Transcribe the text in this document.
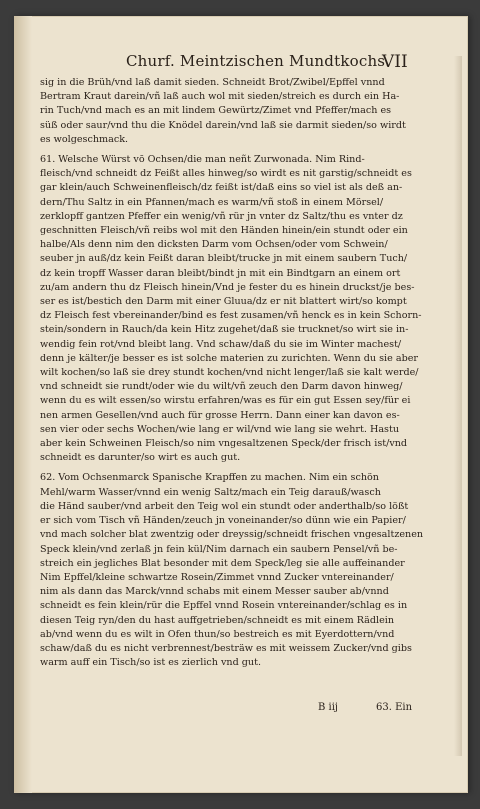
Churf. Meintzischen Mundtkochs.
VII
sig in die Brüh/vnd laß damit sieden. Schneidt Brot/Zwibel/Epffel vnnd
Bertram Kraut darein/vñ laß auch wol mit sieden/streich es durch ein Ha-
rin Tuch/vnd mach es an mit lindem Gewürtz/Zimet vnd Pfeffer/mach es
süß oder saur/vnd thu die Knödel darein/vnd laß sie darmit sieden/so wirdt
es wolgeschmack.
61. Welsche Würst vō Ochsen/die man neñt Zurwonada. Nim Rind-
fleisch/vnd schneidt dz Feißt alles hinweg/so wirdt es nit garstig/schneidt es
gar klein/auch Schweinenfleisch/dz feißt ist/daß eins so viel ist als deß an-
dern/Thu Saltz in ein Pfannen/mach es warm/vñ stoß in einem Mörsel/
zerklopff gantzen Pfeffer ein wenig/vñ rür jn vnter dz Saltz/thu es vnter dz
geschnitten Fleisch/vñ reibs wol mit den Händen hinein/ein stundt oder ein
halbe/Als denn nim den dicksten Darm vom Ochsen/oder vom Schwein/
seuber jn auß/dz kein Feißt daran bleibt/trucke jn mit einem saubern Tuch/
dz kein tropff Wasser daran bleibt/bindt jn mit ein Bindtgarn an einem ort
zu/am andern thu dz Fleisch hinein/Vnd je fester du es hinein druckst/je bes-
ser es ist/bestich den Darm mit einer Gluua/dz er nit blattert wirt/so kompt
dz Fleisch fest vbereinander/bind es fest zusamen/vñ henck es in kein Schorn-
stein/sondern in Rauch/da kein Hitz zugehet/daß sie trucknet/so wirt sie in-
wendig fein rot/vnd bleibt lang. Vnd schaw/daß du sie im Winter machest/
denn je kälter/je besser es ist solche materien zu zurichten. Wenn du sie aber
wilt kochen/so laß sie drey stundt kochen/vnd nicht lenger/laß sie kalt werde/
vnd schneidt sie rundt/oder wie du wilt/vñ zeuch den Darm davon hinweg/
wenn du es wilt essen/so wirstu erfahren/was es für ein gut Essen sey/für ei
nen armen Gesellen/vnd auch für grosse Herrn. Dann einer kan davon es-
sen vier oder sechs Wochen/wie lang er wil/vnd wie lang sie wehrt. Hastu
aber kein Schweinen Fleisch/so nim vngesaltzenen Speck/der frisch ist/vnd
schneidt es darunter/so wirt es auch gut.
62. Vom Ochsenmarck Spanische Krapffen zu machen. Nim ein schön
Mehl/warm Wasser/vnnd ein wenig Saltz/mach ein Teig darauß/wasch
die Händ sauber/vnd arbeit den Teig wol ein stundt oder anderthalb/so lößt
er sich vom Tisch vñ Händen/zeuch jn voneinander/so dünn wie ein Papier/
vnd mach solcher blat zwentzig oder dreyssig/schneidt frischen vngesaltzenen
Speck klein/vnd zerlaß jn fein kül/Nim darnach ein saubern Pensel/vñ be-
streich ein jegliches Blat besonder mit dem Speck/leg sie alle auffeinander
Nim Epffel/kleine schwartze Rosein/Zimmet vnnd Zucker vntereinander/
nim als dann das Marck/vnnd schabs mit einem Messer sauber ab/vnnd
schneidt es fein klein/rür die Epffel vnnd Rosein vntereinander/schlag es in
diesen Teig ryn/den du hast auffgetrieben/schneidt es mit einem Rädlein
ab/vnd wenn du es wilt in Ofen thun/so bestreich es mit Eyerdottern/vnd
schaw/daß du es nicht verbrennest/besträw es mit weissem Zucker/vnd gibs
warm auff ein Tisch/so ist es zierlich vnd gut.
B iij	63. Ein
